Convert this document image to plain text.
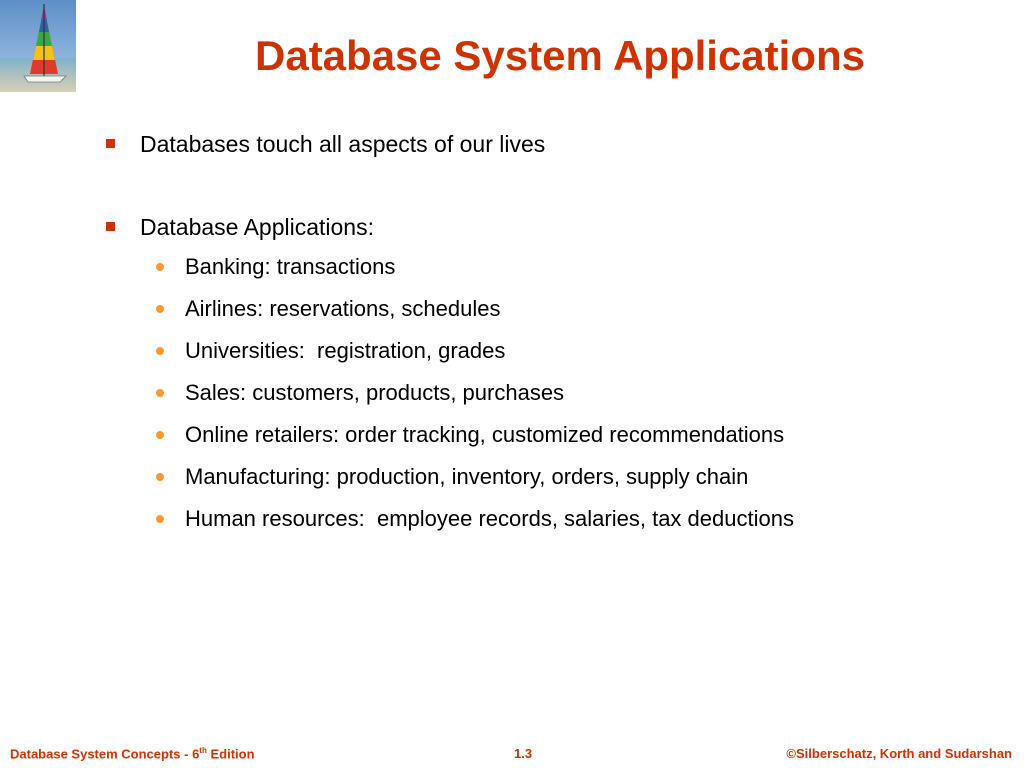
Database System Applications

Databases touch all aspects of our lives

Database Applications:

Banking: transactions
Airlines: reservations, schedules
Universities:  registration, grades
Sales: customers, products, purchases
Online retailers: order tracking, customized recommendations
Manufacturing: production, inventory, orders, supply chain
Human resources:  employee records, salaries, tax deductions
Database System Concepts - 6th Edition	1.3	©Silberschatz, Korth and Sudarshan
